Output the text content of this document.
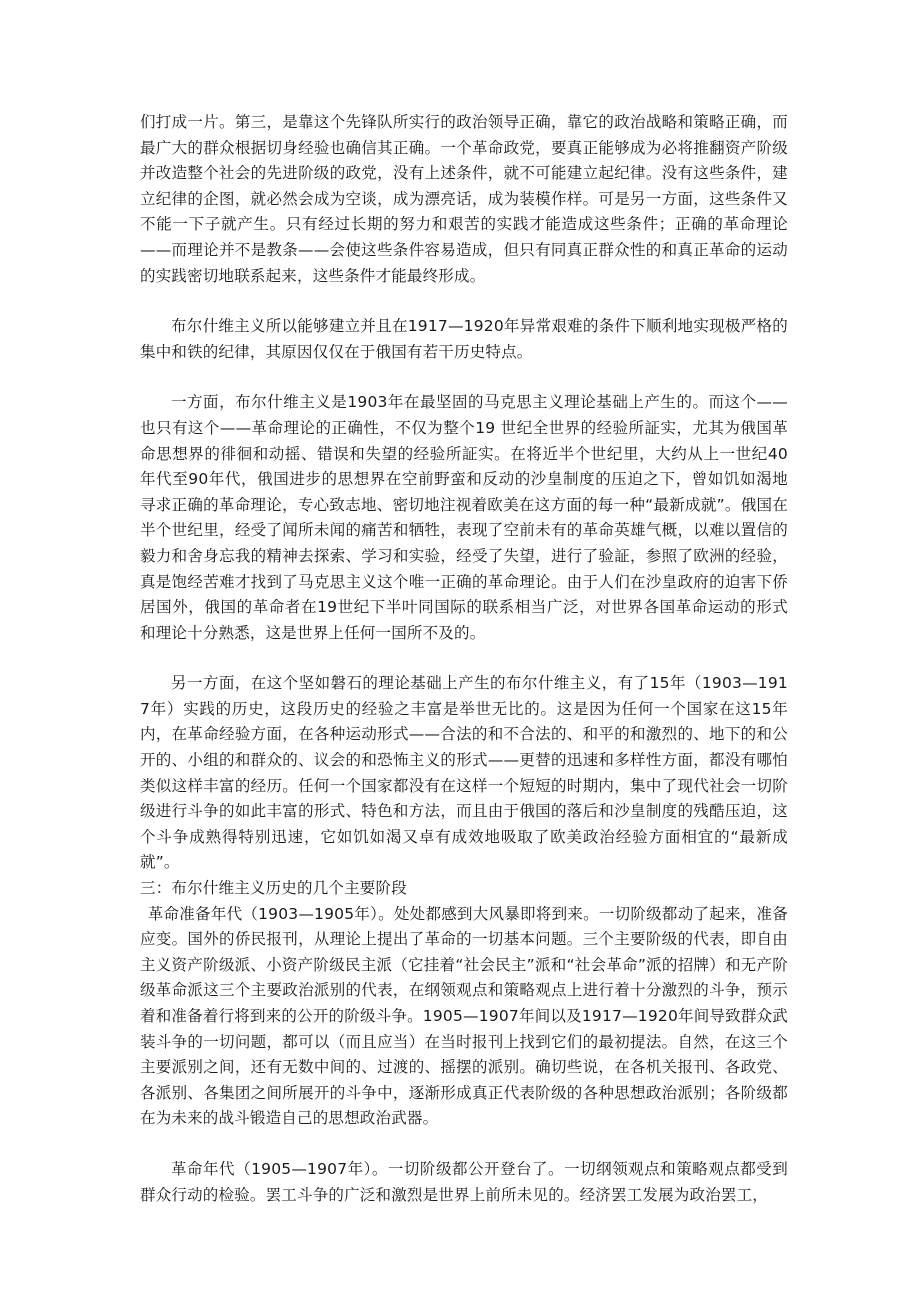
们打成一片。第三，是靠这个先锋队所实行的政治领导正确，靠它的政治战略和策略正确，而最广大的群众根据切身经验也确信其正确。一个革命政党，要真正能够成为必将推翻资产阶级并改造整个社会的先进阶级的政党，没有上述条件，就不可能建立起纪律。没有这些条件，建立纪律的企图，就必然会成为空谈，成为漂亮话，成为装模作样。可是另一方面，这些条件又不能一下子就产生。只有经过长期的努力和艰苦的实践才能造成这些条件；正确的革命理论——而理论并不是教条——会使这些条件容易造成，但只有同真正群众性的和真正革命的运动的实践密切地联系起来，这些条件才能最终形成。

布尔什维主义所以能够建立并且在1917—1920年异常艰难的条件下顺利地实现极严格的集中和铁的纪律，其原因仅仅在于俄国有若干历史特点。

一方面，布尔什维主义是1903年在最坚固的马克思主义理论基础上产生的。而这个——也只有这个——革命理论的正确性，不仅为整个19 世纪全世界的经验所証实，尤其为俄国革命思想界的徘徊和动摇、错误和失望的经验所証实。在将近半个世纪里，大约从上一世纪40年代至90年代，俄国进步的思想界在空前野蛮和反动的沙皇制度的压迫之下，曾如饥如渴地寻求正确的革命理论，专心致志地、密切地注视着欧美在这方面的每一种“最新成就”。俄国在半个世纪里，经受了闻所未闻的痛苦和牺牲，表现了空前未有的革命英雄气概，以难以置信的毅力和舍身忘我的精神去探索、学习和实验，经受了失望，进行了验証，参照了欧洲的经验，真是饱经苦难才找到了马克思主义这个唯一正确的革命理论。由于人们在沙皇政府的迫害下侨居国外，俄国的革命者在19世纪下半叶同国际的联系相当广泛，对世界各国革命运动的形式和理论十分熟悉，这是世界上任何一国所不及的。

另一方面，在这个坚如磐石的理论基础上产生的布尔什维主义，有了15年（1903—1917年）实践的历史，这段历史的经验之丰富是举世无比的。这是因为任何一个国家在这15年内，在革命经验方面，在各种运动形式——合法的和不合法的、和平的和激烈的、地下的和公开的、小组的和群众的、议会的和恐怖主义的形式——更替的迅速和多样性方面，都没有哪怕类似这样丰富的经历。任何一个国家都没有在这样一个短短的时期内，集中了现代社会一切阶级进行斗争的如此丰富的形式、特色和方法，而且由于俄国的落后和沙皇制度的残酷压迫，这个斗争成熟得特别迅速，它如饥如渴又卓有成效地吸取了欧美政治经验方面相宜的“最新成就”。

三：布尔什维主义历史的几个主要阶段

革命准备年代（1903—1905年）。处处都感到大风暴即将到来。一切阶级都动了起来，准备应变。国外的侨民报刊，从理论上提出了革命的一切基本问题。三个主要阶级的代表，即自由主义资产阶级派、小资产阶级民主派（它挂着“社会民主”派和“社会革命”派的招牌）和无产阶级革命派这三个主要政治派别的代表，在纲领观点和策略观点上进行着十分激烈的斗争，预示着和准备着行将到来的公开的阶级斗争。1905—1907年间以及1917—1920年间导致群众武装斗争的一切问题，都可以（而且应当）在当时报刊上找到它们的最初提法。自然，在这三个主要派别之间，还有无数中间的、过渡的、摇摆的派别。确切些说，在各机关报刊、各政党、各派别、各集团之间所展开的斗争中，逐渐形成真正代表阶级的各种思想政治派别；各阶级都在为未来的战斗锻造自己的思想政治武器。

革命年代（1905—1907年）。一切阶级都公开登台了。一切纲领观点和策略观点都受到群众行动的检验。罢工斗争的广泛和激烈是世界上前所未见的。经济罢工发展为政治罢工，
